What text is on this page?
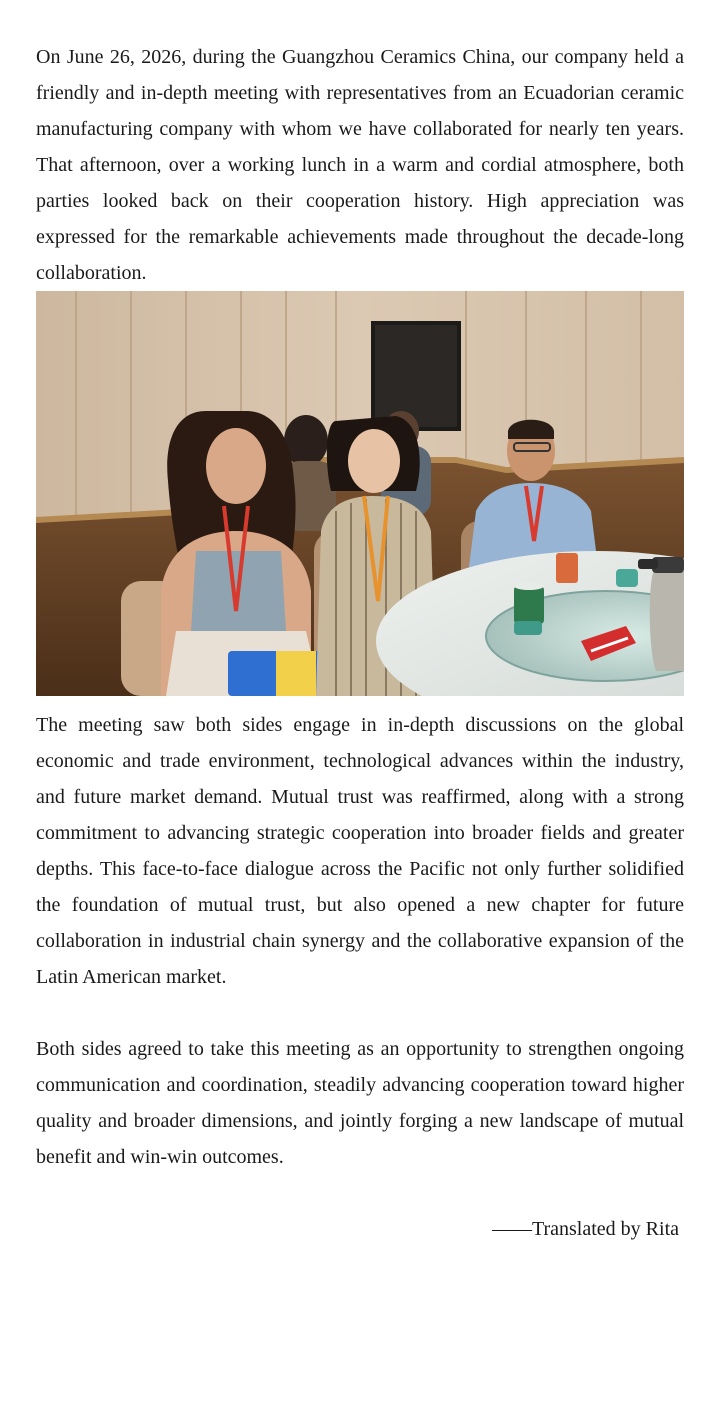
On June 26, 2026, during the Guangzhou Ceramics China, our company held a friendly and in-depth meeting with representatives from an Ecuadorian ceramic manufacturing company with whom we have collaborated for nearly ten years. That afternoon, over a working lunch in a warm and cordial atmosphere, both parties looked back on their cooperation history. High appreciation was expressed for the remarkable achievements made throughout the decade-long collaboration.

The meeting saw both sides engage in in-depth discussions on the global economic and trade environment, technological advances within the industry, and future market demand. Mutual trust was reaffirmed, along with a strong commitment to advancing strategic cooperation into broader fields and greater depths. This face-to-face dialogue across the Pacific not only further solidified the foundation of mutual trust, but also opened a new chapter for future collaboration in industrial chain synergy and the collaborative expansion of the Latin American market.

Both sides agreed to take this meeting as an opportunity to strengthen ongoing communication and coordination, steadily advancing cooperation toward higher quality and broader dimensions, and jointly forging a new landscape of mutual benefit and win-win outcomes.

——Translated by Rita
